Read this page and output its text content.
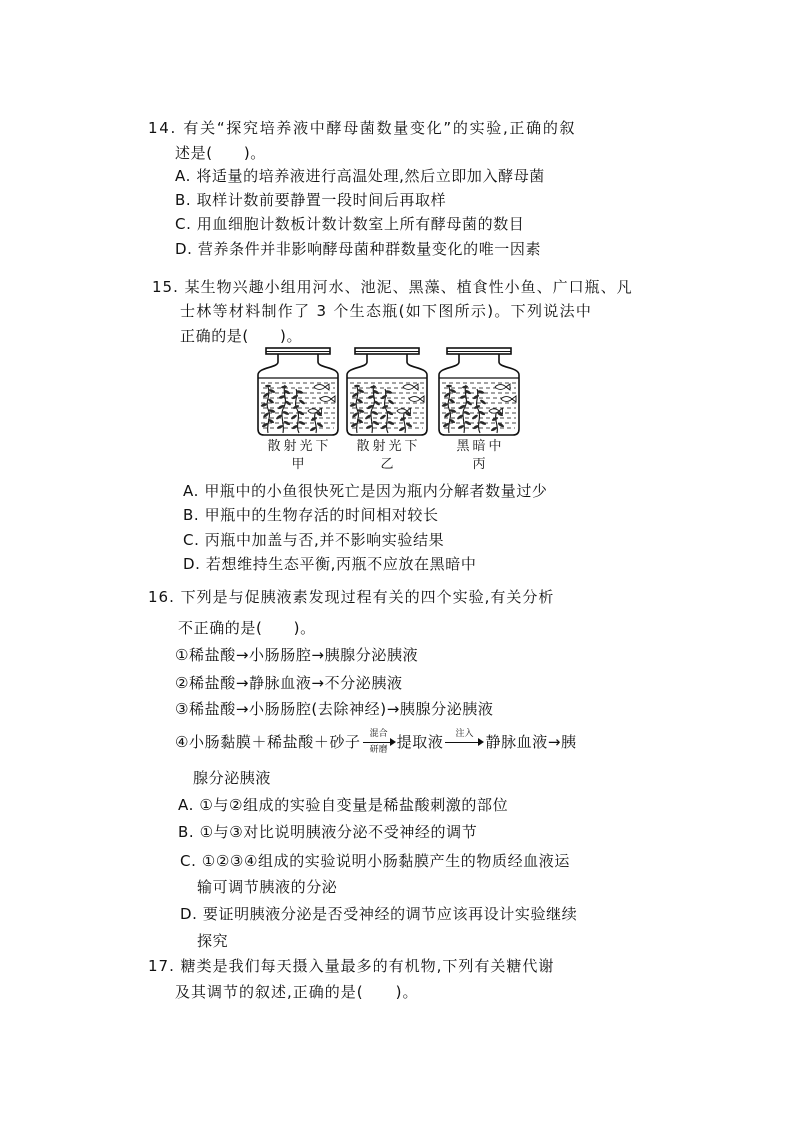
14. 有关“探究培养液中酵母菌数量变化”的实验,正确的叙
述是(　　)。
A. 将适量的培养液进行高温处理,然后立即加入酵母菌
B. 取样计数前要静置一段时间后再取样
C. 用血细胞计数板计数计数室上所有酵母菌的数目
D. 营养条件并非影响酵母菌种群数量变化的唯一因素
15. 某生物兴趣小组用河水、池泥、黑藻、植食性小鱼、广口瓶、凡
士林等材料制作了 3 个生态瓶(如下图所示)。下列说法中
正确的是(　　)。
散射光下
甲
散射光下
乙
黑暗中
丙
A. 甲瓶中的小鱼很快死亡是因为瓶内分解者数量过少
B. 甲瓶中的生物存活的时间相对较长
C. 丙瓶中加盖与否,并不影响实验结果
D. 若想维持生态平衡,丙瓶不应放在黑暗中
16. 下列是与促胰液素发现过程有关的四个实验,有关分析
不正确的是(　　)。
①稀盐酸→小肠肠腔→胰腺分泌胰液
②稀盐酸→静脉血液→不分泌胰液
③稀盐酸→小肠肠腔(去除神经)→胰腺分泌胰液
④小肠黏膜＋稀盐酸＋砂子 混合
研磨 提取液	注入 静脉血液→胰
腺分泌胰液
A. ①与②组成的实验自变量是稀盐酸刺激的部位
B. ①与③对比说明胰液分泌不受神经的调节
C. ①②③④组成的实验说明小肠黏膜产生的物质经血液运
输可调节胰液的分泌
D. 要证明胰液分泌是否受神经的调节应该再设计实验继续
探究
17. 糖类是我们每天摄入量最多的有机物,下列有关糖代谢
及其调节的叙述,正确的是(　　)。
